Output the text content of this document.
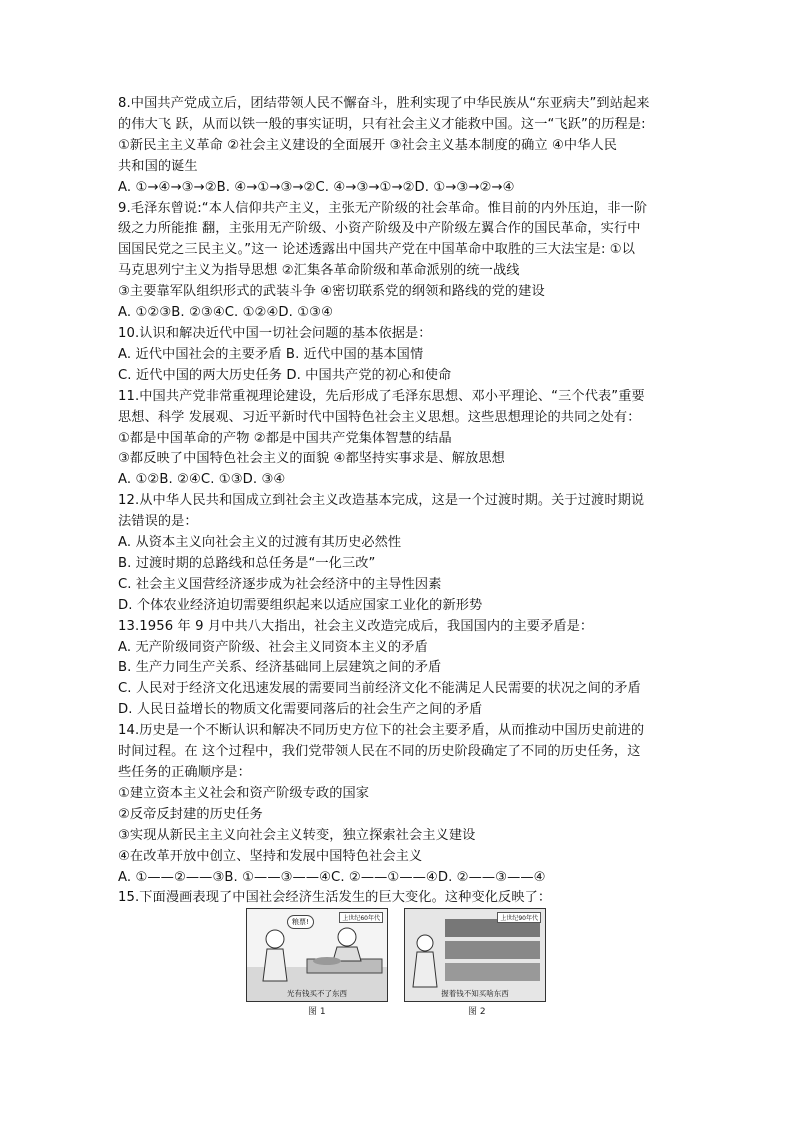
8.中国共产党成立后，团结带领人民不懈奋斗，胜利实现了中华民族从“东亚病夫”到站起来
的伟大飞 跃，从而以铁一般的事实证明，只有社会主义才能救中国。这一“飞跃”的历程是:
①新民主主义革命 ②社会主义建设的全面展开 ③社会主义基本制度的确立 ④中华人民
共和国的诞生
A. ①→④→③→②B. ④→①→③→②C. ④→③→①→②D. ①→③→②→④
9.毛泽东曾说:“本人信仰共产主义，主张无产阶级的社会革命。惟目前的内外压迫，非一阶
级之力所能推 翻，主张用无产阶级、小资产阶级及中产阶级左翼合作的国民革命，实行中
国国民党之三民主义。”这一 论述透露出中国共产党在中国革命中取胜的三大法宝是: ①以
马克思列宁主义为指导思想 ②汇集各革命阶级和革命派别的统一战线
③主要靠军队组织形式的武装斗争 ④密切联系党的纲领和路线的党的建设
A. ①②③B. ②③④C. ①②④D. ①③④
10.认识和解决近代中国一切社会问题的基本依据是：
A. 近代中国社会的主要矛盾 B. 近代中国的基本国情
C. 近代中国的两大历史任务 D. 中国共产党的初心和使命
11.中国共产党非常重视理论建设，先后形成了毛泽东思想、邓小平理论、“三个代表”重要
思想、科学 发展观、习近平新时代中国特色社会主义思想。这些思想理论的共同之处有：
①都是中国革命的产物 ②都是中国共产党集体智慧的结晶
③都反映了中国特色社会主义的面貌 ④都坚持实事求是、解放思想
A. ①②B. ②④C. ①③D. ③④
12.从中华人民共和国成立到社会主义改造基本完成，这是一个过渡时期。关于过渡时期说
法错误的是：
A. 从资本主义向社会主义的过渡有其历史必然性
B. 过渡时期的总路线和总任务是“一化三改”
C. 社会主义国营经济逐步成为社会经济中的主导性因素
D. 个体农业经济迫切需要组织起来以适应国家工业化的新形势
13.1956 年 9 月中共八大指出，社会主义改造完成后，我国国内的主要矛盾是：
A. 无产阶级同资产阶级、社会主义同资本主义的矛盾
B. 生产力同生产关系、经济基础同上层建筑之间的矛盾
C. 人民对于经济文化迅速发展的需要同当前经济文化不能满足人民需要的状况之间的矛盾
D. 人民日益增长的物质文化需要同落后的社会生产之间的矛盾
14.历史是一个不断认识和解决不同历史方位下的社会主要矛盾，从而推动中国历史前进的
时间过程。在 这个过程中，我们党带领人民在不同的历史阶段确定了不同的历史任务，这
些任务的正确顺序是：
①建立资本主义社会和资产阶级专政的国家
②反帝反封建的历史任务
③实现从新民主主义向社会主义转变，独立探索社会主义建设
④在改革开放中创立、坚持和发展中国特色社会主义
A. ①——②——③B. ①——③——④C. ②——①——④D. ②——③——④
15.下面漫画表现了中国社会经济生活发生的巨大变化。这种变化反映了：
粮票!	上世纪60年代
光有钱买不了东西
上世纪90年代
握着钱不知买啥东西
图 1	图 2
